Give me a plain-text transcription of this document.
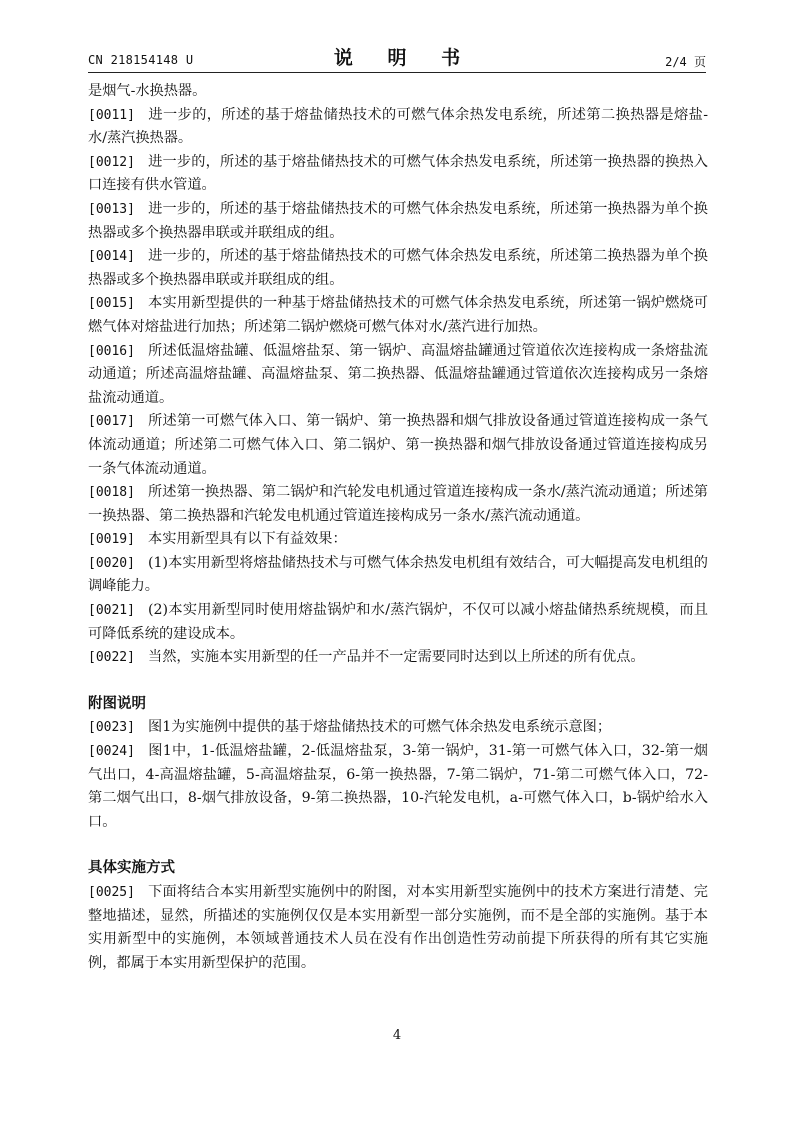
CN 218154148 U	说 明 书	2/4 页

是烟气-水换热器。

[0011] 进一步的，所述的基于熔盐储热技术的可燃气体余热发电系统，所述第二换热器是熔盐-水/蒸汽换热器。

[0012] 进一步的，所述的基于熔盐储热技术的可燃气体余热发电系统，所述第一换热器的换热入口连接有供水管道。

[0013] 进一步的，所述的基于熔盐储热技术的可燃气体余热发电系统，所述第一换热器为单个换热器或多个换热器串联或并联组成的组。

[0014] 进一步的，所述的基于熔盐储热技术的可燃气体余热发电系统，所述第二换热器为单个换热器或多个换热器串联或并联组成的组。

[0015] 本实用新型提供的一种基于熔盐储热技术的可燃气体余热发电系统，所述第一锅炉燃烧可燃气体对熔盐进行加热；所述第二锅炉燃烧可燃气体对水/蒸汽进行加热。

[0016] 所述低温熔盐罐、低温熔盐泵、第一锅炉、高温熔盐罐通过管道依次连接构成一条熔盐流动通道；所述高温熔盐罐、高温熔盐泵、第二换热器、低温熔盐罐通过管道依次连接构成另一条熔盐流动通道。

[0017] 所述第一可燃气体入口、第一锅炉、第一换热器和烟气排放设备通过管道连接构成一条气体流动通道；所述第二可燃气体入口、第二锅炉、第一换热器和烟气排放设备通过管道连接构成另一条气体流动通道。

[0018] 所述第一换热器、第二锅炉和汽轮发电机通过管道连接构成一条水/蒸汽流动通道；所述第一换热器、第二换热器和汽轮发电机通过管道连接构成另一条水/蒸汽流动通道。

[0019] 本实用新型具有以下有益效果：

[0020] (1)本实用新型将熔盐储热技术与可燃气体余热发电机组有效结合，可大幅提高发电机组的调峰能力。

[0021] (2)本实用新型同时使用熔盐锅炉和水/蒸汽锅炉，不仅可以减小熔盐储热系统规模，而且可降低系统的建设成本。

[0022] 当然，实施本实用新型的任一产品并不一定需要同时达到以上所述的所有优点。

附图说明

[0023] 图1为实施例中提供的基于熔盐储热技术的可燃气体余热发电系统示意图；

[0024] 图1中，1-低温熔盐罐，2-低温熔盐泵，3-第一锅炉，31-第一可燃气体入口，32-第一烟气出口，4-高温熔盐罐，5-高温熔盐泵，6-第一换热器，7-第二锅炉，71-第二可燃气体入口，72-第二烟气出口，8-烟气排放设备，9-第二换热器，10-汽轮发电机，a-可燃气体入口，b-锅炉给水入口。

具体实施方式

[0025] 下面将结合本实用新型实施例中的附图，对本实用新型实施例中的技术方案进行清楚、完整地描述，显然，所描述的实施例仅仅是本实用新型一部分实施例，而不是全部的实施例。基于本实用新型中的实施例，本领域普通技术人员在没有作出创造性劳动前提下所获得的所有其它实施例，都属于本实用新型保护的范围。

4
